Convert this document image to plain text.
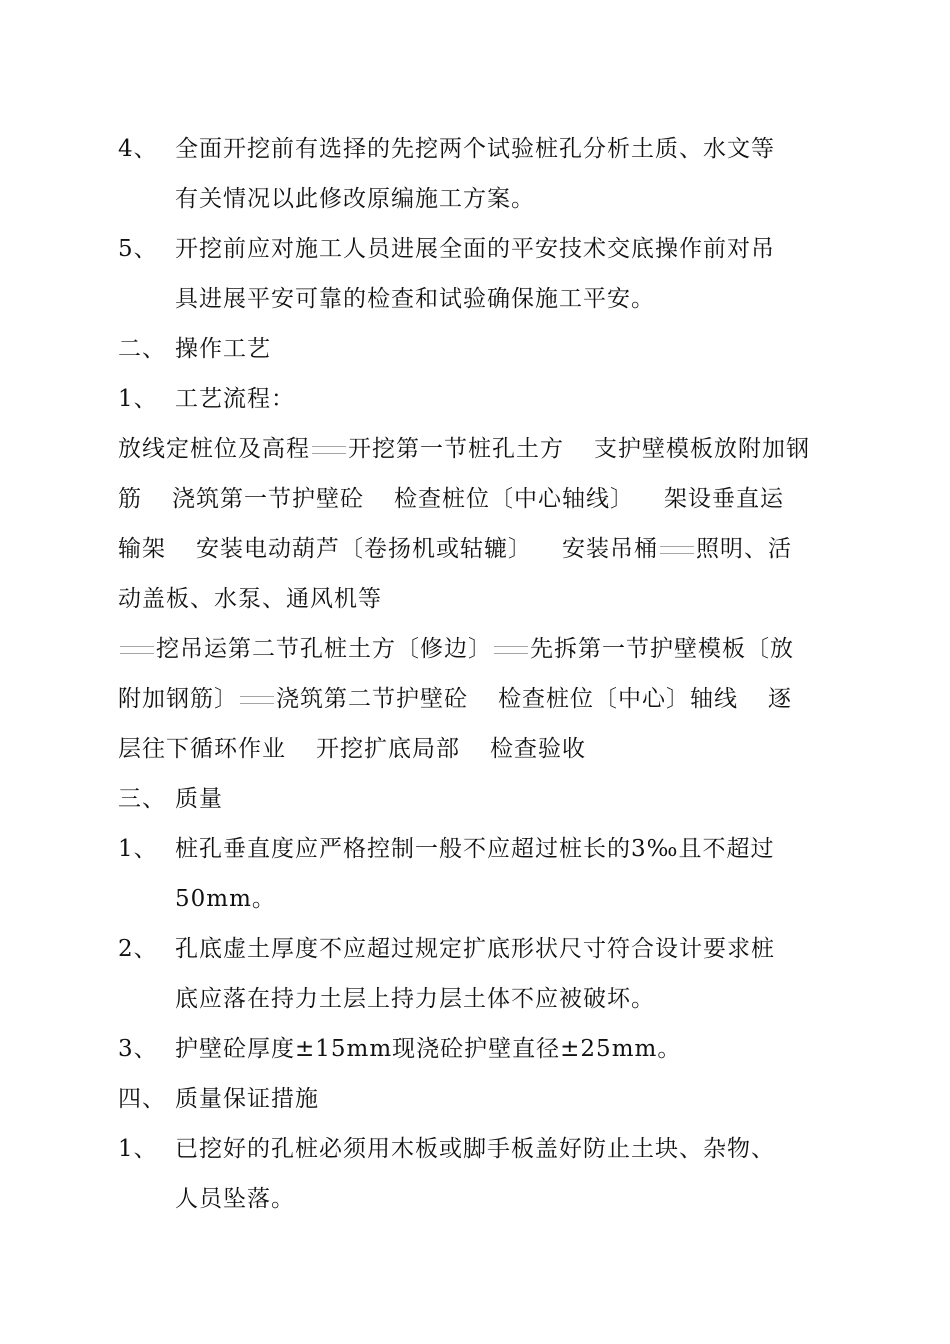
4、 全面开挖前有选择的先挖两个试验桩孔分析土质、水文等
有关情况以此修改原编施工方案。
5、 开挖前应对施工人员进展全面的平安技术交底操作前对吊
具进展平安可靠的检查和试验确保施工平安。
二、 操作工艺
1、 工艺流程：
放线定桩位及高程 开挖第一节桩孔土方 支护壁模板放附加钢
筋 浇筑第一节护壁砼 检查桩位〔中心轴线〕 架设垂直运
输架 安装电动葫芦〔卷扬机或轱辘〕 安装吊桶 照明、活
动盖板、水泵、通风机等
挖吊运第二节孔桩土方〔修边〕 先拆第一节护壁模板〔放
附加钢筋〕 浇筑第二节护壁砼 检查桩位〔中心〕轴线 逐
层往下循环作业 开挖扩底局部 检查验收
三、 质量
1、 桩孔垂直度应严格控制一般不应超过桩长的3‰且不超过
50mm。
2、 孔底虚土厚度不应超过规定扩底形状尺寸符合设计要求桩
底应落在持力土层上持力层土体不应被破坏。
3、 护壁砼厚度±15mm现浇砼护壁直径±25mm。
四、 质量保证措施
1、 已挖好的孔桩必须用木板或脚手板盖好防止土块、杂物、
人员坠落。
